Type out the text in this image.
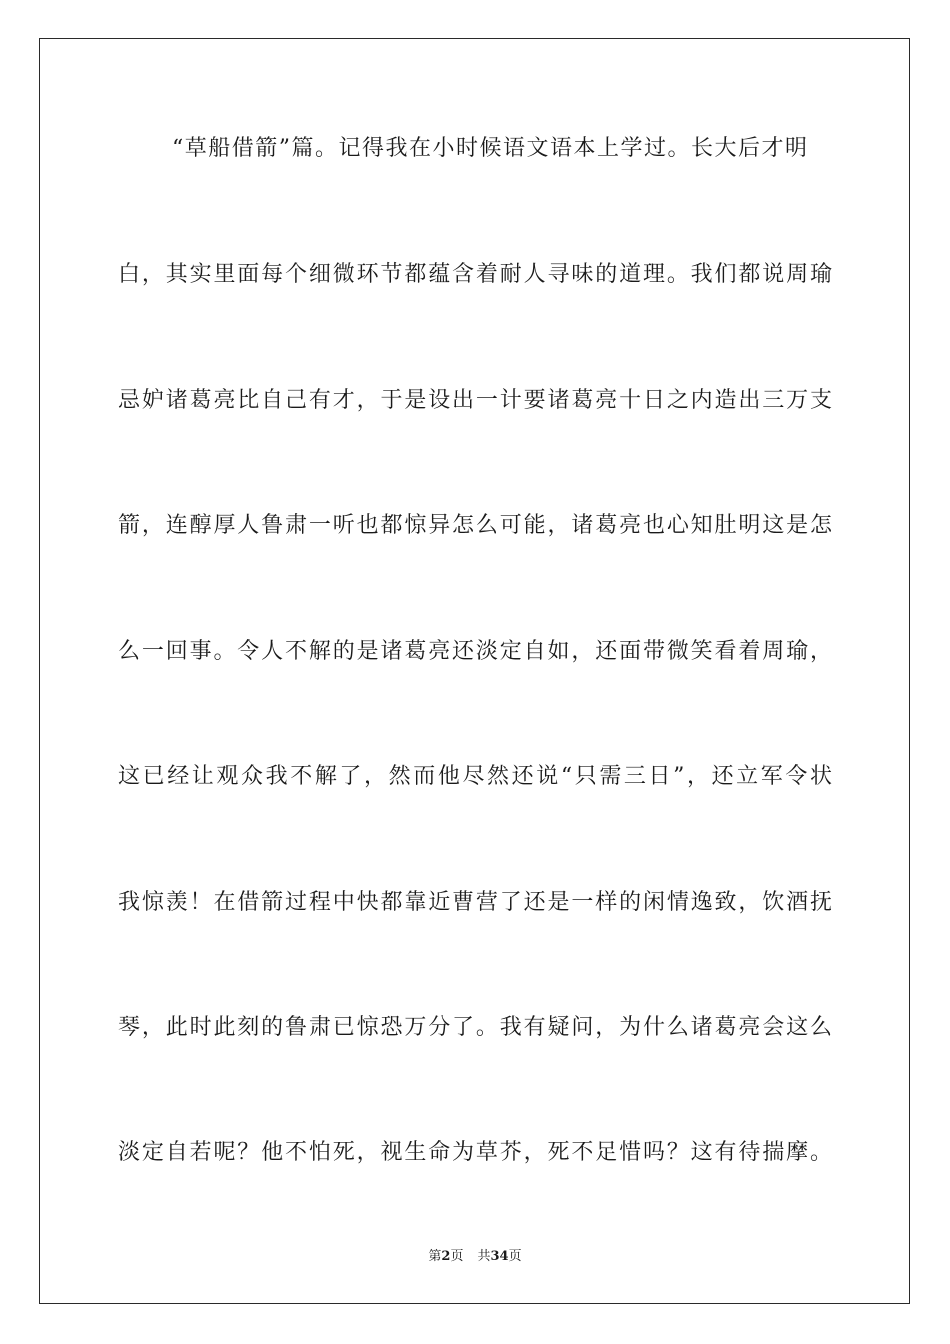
“草船借箭”篇。记得我在小时候语文语本上学过。长大后才明
白，其实里面每个细微环节都蕴含着耐人寻味的道理。我们都说周瑜
忌妒诸葛亮比自己有才，于是设出一计要诸葛亮十日之内造出三万支
箭，连醇厚人鲁肃一听也都惊异怎么可能，诸葛亮也心知肚明这是怎
么一回事。令人不解的是诸葛亮还淡定自如，还面带微笑看着周瑜，
这已经让观众我不解了，然而他尽然还说“只需三日”，还立军令状
我惊羡！在借箭过程中快都靠近曹营了还是一样的闲情逸致，饮酒抚
琴，此时此刻的鲁肃已惊恐万分了。我有疑问，为什么诸葛亮会这么
淡定自若呢？他不怕死，视生命为草芥，死不足惜吗？这有待揣摩。
第2页 共34页
